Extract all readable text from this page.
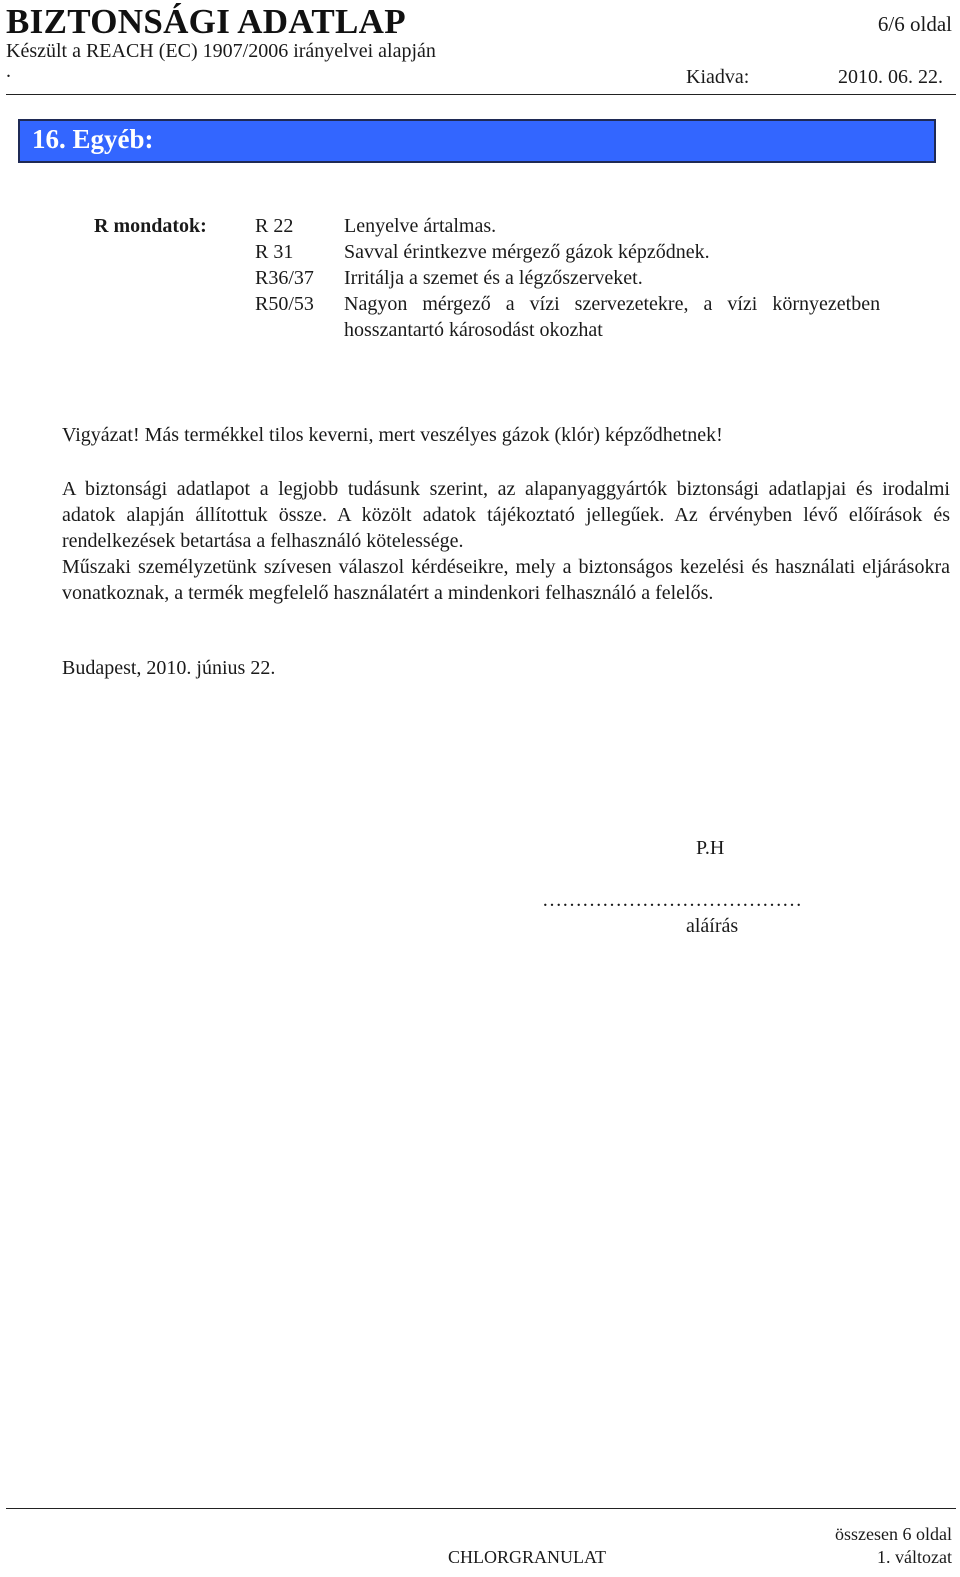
BIZTONSÁGI ADATLAP	6/6 oldal
Készült a REACH (EC) 1907/2006 irányelvei alapján
.	Kiadva:	2010. 06. 22.
16. Egyéb:
R mondatok: R 22	Lenyelve ártalmas.
R 31	Savval érintkezve mérgező gázok képződnek.
R36/37 Irritálja a szemet és a légzőszerveket.
R50/53 Nagyon   mérgező   a   vízi   szervezetekre,   a   vízi   környezetben
hosszantartó károsodást okozhat
Vigyázat! Más termékkel tilos keverni, mert veszélyes gázok (klór) képződhetnek!
A biztonsági adatlapot a legjobb tudásunk szerint, az alapanyaggyártók biztonsági adatlapjai és irodalmi adatok alapján állítottuk össze. A közölt adatok tájékoztató jellegűek. Az érvényben lévő előírások és rendelkezések betartása a felhasználó kötelessége.
Műszaki személyzetünk szívesen válaszol kérdéseikre, mely a biztonságos kezelési és használati eljárásokra vonatkoznak, a termék megfelelő használatért a mindenkori felhasználó a felelős.
Budapest, 2010. június 22.
P.H
…………………………………
aláírás
összesen 6 oldal
CHLORGRANULAT	1. változat
